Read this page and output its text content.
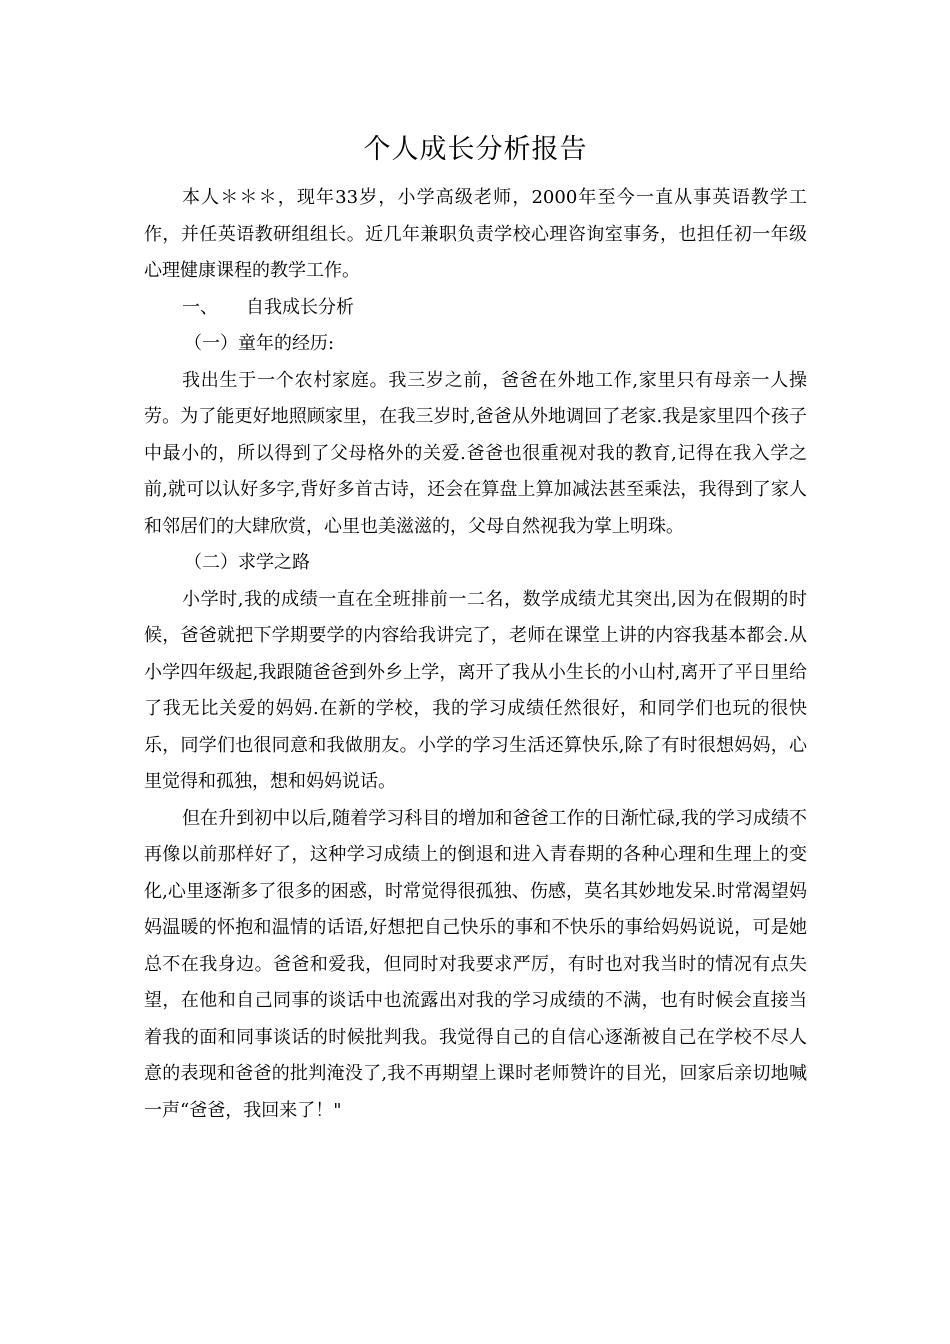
个人成长分析报告

本人＊＊＊，现年33岁，小学高级老师，2000年至今一直从事英语教学工作，并任英语教研组组长。近几年兼职负责学校心理咨询室事务，也担任初一年级心理健康课程的教学工作。

一、 自我成长分析

（一）童年的经历:

我出生于一个农村家庭。我三岁之前，爸爸在外地工作,家里只有母亲一人操劳。为了能更好地照顾家里，在我三岁时,爸爸从外地调回了老家.我是家里四个孩子中最小的，所以得到了父母格外的关爱.爸爸也很重视对我的教育,记得在我入学之前,就可以认好多字,背好多首古诗，还会在算盘上算加减法甚至乘法，我得到了家人和邻居们的大肆欣赏，心里也美滋滋的，父母自然视我为掌上明珠。

（二）求学之路

小学时,我的成绩一直在全班排前一二名，数学成绩尤其突出,因为在假期的时候，爸爸就把下学期要学的内容给我讲完了，老师在课堂上讲的内容我基本都会.从小学四年级起,我跟随爸爸到外乡上学，离开了我从小生长的小山村,离开了平日里给了我无比关爱的妈妈.在新的学校，我的学习成绩任然很好，和同学们也玩的很快乐，同学们也很同意和我做朋友。小学的学习生活还算快乐,除了有时很想妈妈，心里觉得和孤独，想和妈妈说话。

但在升到初中以后,随着学习科目的增加和爸爸工作的日渐忙碌,我的学习成绩不再像以前那样好了，这种学习成绩上的倒退和进入青春期的各种心理和生理上的变化,心里逐渐多了很多的困惑，时常觉得很孤独、伤感，莫名其妙地发呆.时常渴望妈妈温暖的怀抱和温情的话语,好想把自己快乐的事和不快乐的事给妈妈说说，可是她总不在我身边。爸爸和爱我，但同时对我要求严厉，有时也对我当时的情况有点失望，在他和自己同事的谈话中也流露出对我的学习成绩的不满，也有时候会直接当着我的面和同事谈话的时候批判我。我觉得自己的自信心逐渐被自己在学校不尽人意的表现和爸爸的批判淹没了,我不再期望上课时老师赞许的目光，回家后亲切地喊一声“爸爸，我回来了！"
